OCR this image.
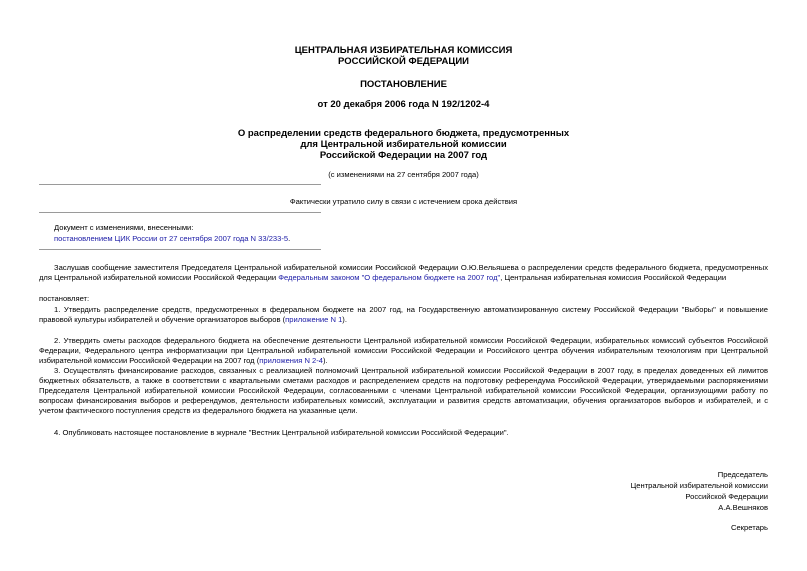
ЦЕНТРАЛЬНАЯ ИЗБИРАТЕЛЬНАЯ КОМИССИЯ
РОССИЙСКОЙ ФЕДЕРАЦИИ
ПОСТАНОВЛЕНИЕ
от 20 декабря 2006 года N 192/1202-4
О распределении средств федерального бюджета, предусмотренных
для Центральной избирательной комиссии
Российской Федерации на 2007 год
(с изменениями на 27 сентября 2007 года)
Фактически утратило силу в связи с истечением срока действия
Документ с изменениями, внесенными:
постановлением ЦИК России от 27 сентября 2007 года N 33/233-5.
Заслушав сообщение заместителя Председателя Центральной избирательной комиссии Российской Федерации О.Ю.Вельяшева о распределении средств федерального бюджета, предусмотренных для Центральной избирательной комиссии Российской Федерации Федеральным законом "О федеральном бюджете на 2007 год", Центральная избирательная комиссия Российской Федерации
постановляет:
1. Утвердить распределение средств, предусмотренных в федеральном бюджете на 2007 год, на Государственную автоматизированную систему Российской Федерации "Выборы" и повышение правовой культуры избирателей и обучение организаторов выборов (приложение N 1).
2. Утвердить сметы расходов федерального бюджета на обеспечение деятельности Центральной избирательной комиссии Российской Федерации, избирательных комиссий субъектов Российской Федерации, Федерального центра информатизации при Центральной избирательной комиссии Российской Федерации и Российского центра обучения избирательным технологиям при Центральной избирательной комиссии Российской Федерации на 2007 год (приложения N 2-4).
3. Осуществлять финансирование расходов, связанных с реализацией полномочий Центральной избирательной комиссии Российской Федерации в 2007 году, в пределах доведенных ей лимитов бюджетных обязательств, а также в соответствии с квартальными сметами расходов и распределением средств на подготовку референдума Российской Федерации, утверждаемыми распоряжениями Председателя Центральной избирательной комиссии Российской Федерации, согласованными с членами Центральной избирательной комиссии Российской Федерации, организующими работу по вопросам финансирования выборов и референдумов, деятельности избирательных комиссий, эксплуатации и развития средств автоматизации, обучения организаторов выборов и избирателей, и с учетом фактического поступления средств из федерального бюджета на указанные цели.
4. Опубликовать настоящее постановление в журнале "Вестник Центральной избирательной комиссии Российской Федерации".
Председатель
Центральной избирательной комиссии
Российской Федерации
А.А.Вешняков
Секретарь
